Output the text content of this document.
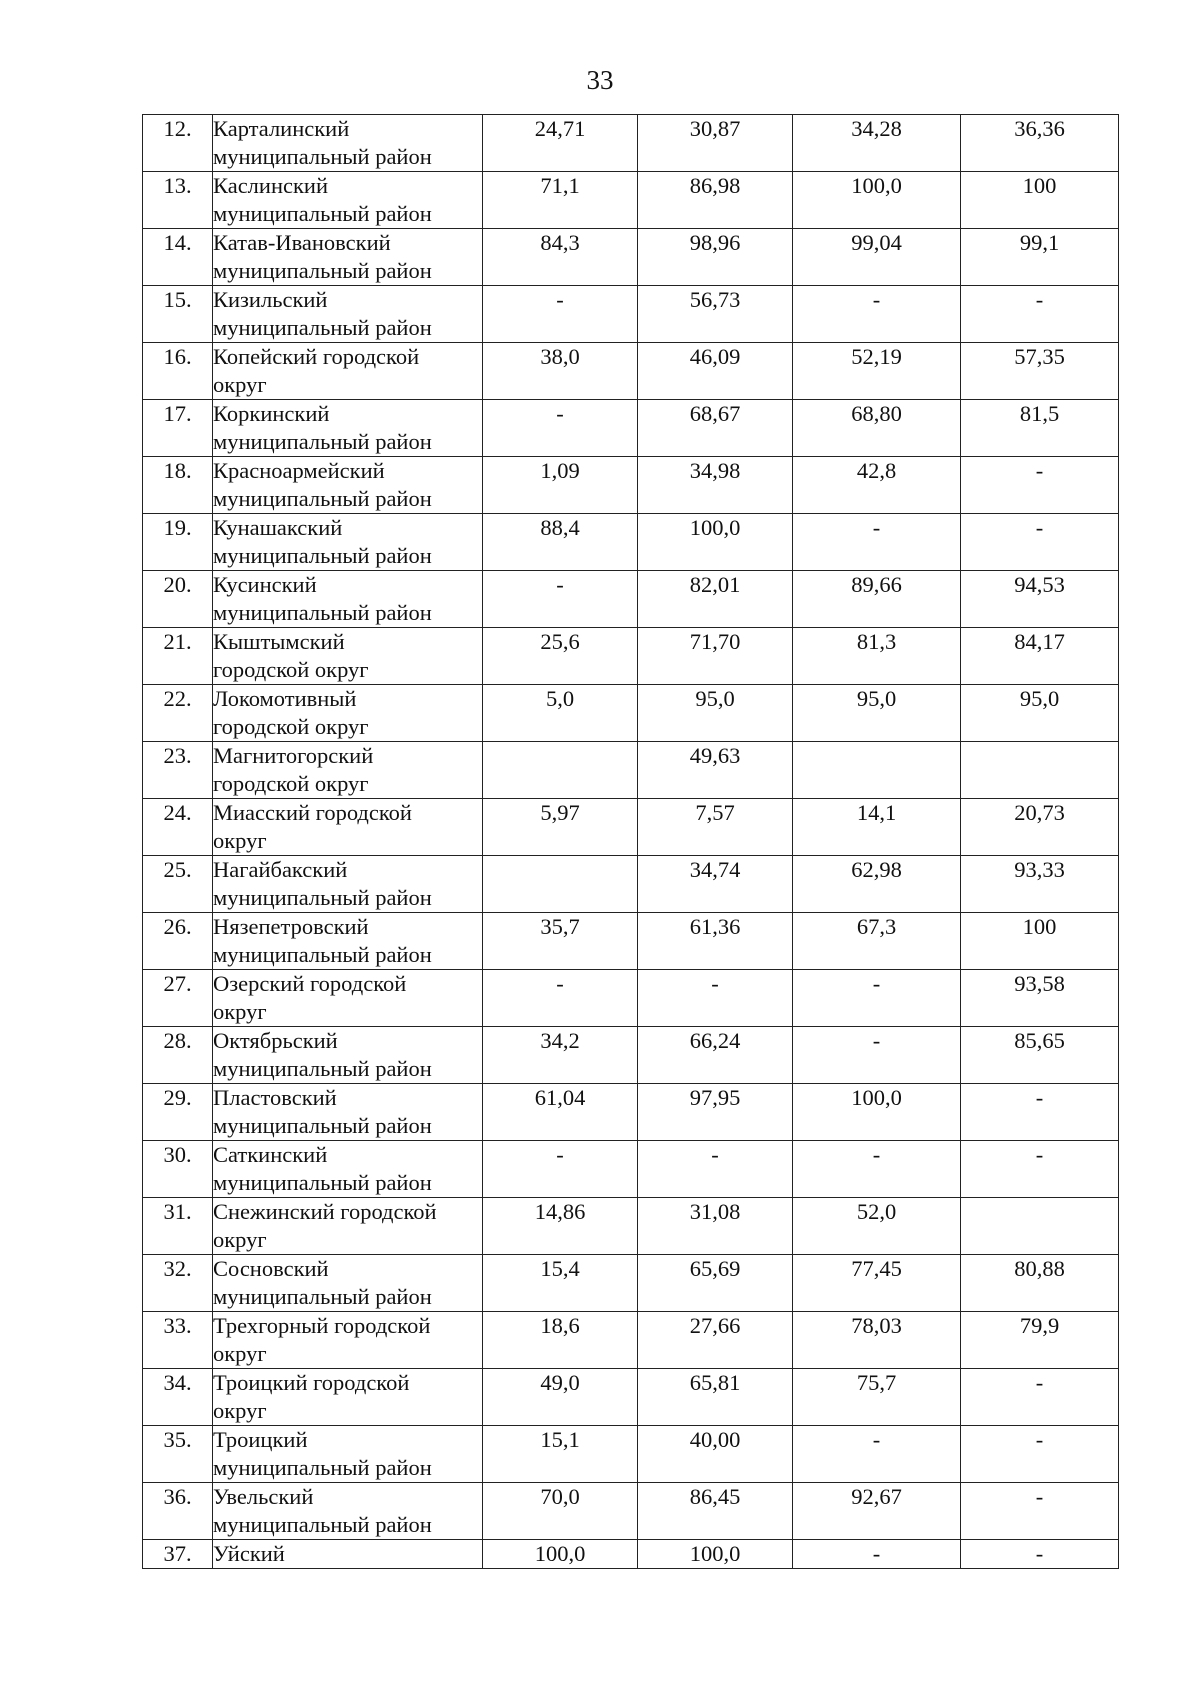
33
12.	Карталинский
муниципальный район	24,71	30,87	34,28	36,36
13.	Каслинский
муниципальный район	71,1	86,98	100,0	100
14.	Катав-Ивановский
муниципальный район	84,3	98,96	99,04	99,1
15.	Кизильский
муниципальный район	-	56,73	-	-
16.	Копейский городской
округ	38,0	46,09	52,19	57,35
17.	Коркинский
муниципальный район	-	68,67	68,80	81,5
18.	Красноармейский
муниципальный район	1,09	34,98	42,8	-
19.	Кунашакский
муниципальный район	88,4	100,0	-	-
20.	Кусинский
муниципальный район	-	82,01	89,66	94,53
21.	Кыштымский
городской округ	25,6	71,70	81,3	84,17
22.	Локомотивный
городской округ	5,0	95,0	95,0	95,0
23.	Магнитогорский
городской округ		49,63		
24.	Миасский городской
округ	5,97	7,57	14,1	20,73
25.	Нагайбакский
муниципальный район		34,74	62,98	93,33
26.	Нязепетровский
муниципальный район	35,7	61,36	67,3	100
27.	Озерский городской
округ	-	-	-	93,58
28.	Октябрьский
муниципальный район	34,2	66,24	-	85,65
29.	Пластовский
муниципальный район	61,04	97,95	100,0	-
30.	Саткинский
муниципальный район	-	-	-	-
31.	Снежинский городской
округ	14,86	31,08	52,0	
32.	Сосновский
муниципальный район	15,4	65,69	77,45	80,88
33.	Трехгорный городской
округ	18,6	27,66	78,03	79,9
34.	Троицкий городской
округ	49,0	65,81	75,7	-
35.	Троицкий
муниципальный район	15,1	40,00	-	-
36.	Увельский
муниципальный район	70,0	86,45	92,67	-
37.	Уйский	100,0	100,0	-	-
